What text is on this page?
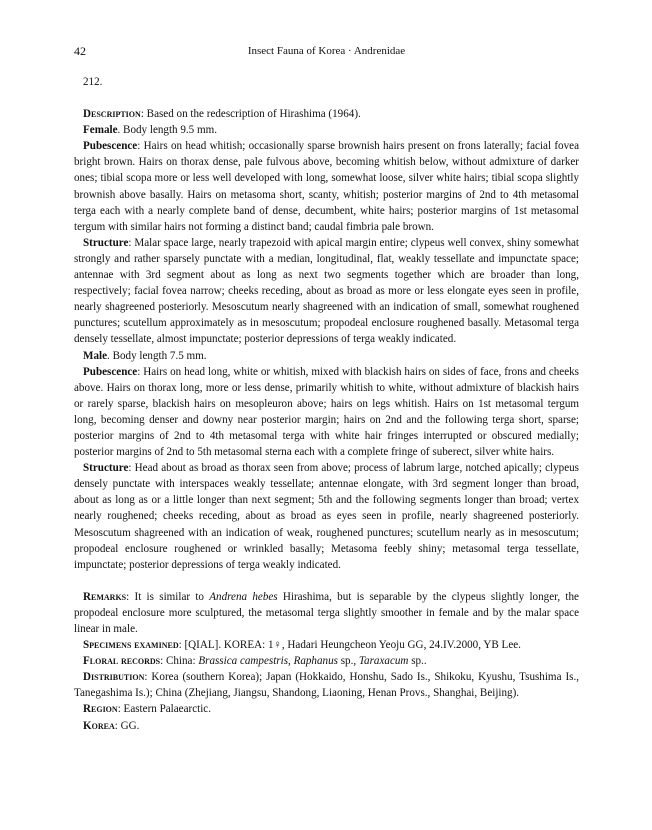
42	Insect Fauna of Korea · Andrenidae

212.

Description: Based on the redescription of Hirashima (1964).

Female. Body length 9.5 mm.

Pubescence: Hairs on head whitish; occasionally sparse brownish hairs present on frons laterally; facial fovea bright brown. Hairs on thorax dense, pale fulvous above, becoming whitish below, without admixture of darker ones; tibial scopa more or less well developed with long, somewhat loose, silver white hairs; tibial scopa slightly brownish above basally. Hairs on metasoma short, scanty, whitish; posterior margins of 2nd to 4th metasomal terga each with a nearly complete band of dense, decumbent, white hairs; posterior margins of 1st metasomal tergum with similar hairs not forming a distinct band; caudal fimbria pale brown.

Structure: Malar space large, nearly trapezoid with apical margin entire; clypeus well convex, shiny somewhat strongly and rather sparsely punctate with a median, longitudinal, flat, weakly tessellate and impunctate space; antennae with 3rd segment about as long as next two segments together which are broader than long, respectively; facial fovea narrow; cheeks receding, about as broad as more or less elongate eyes seen in profile, nearly shagreened posteriorly. Mesoscutum nearly shagreened with an indication of small, somewhat roughened punctures; scutellum approximately as in mesoscutum; propodeal enclosure roughened basally. Metasomal terga densely tessellate, almost impunctate; posterior depressions of terga weakly indicated.

Male. Body length 7.5 mm.

Pubescence: Hairs on head long, white or whitish, mixed with blackish hairs on sides of face, frons and cheeks above. Hairs on thorax long, more or less dense, primarily whitish to white, without admixture of blackish hairs or rarely sparse, blackish hairs on mesopleuron above; hairs on legs whitish. Hairs on 1st metasomal tergum long, becoming denser and downy near posterior margin; hairs on 2nd and the following terga short, sparse; posterior margins of 2nd to 4th metasomal terga with white hair fringes interrupted or obscured medially; posterior margins of 2nd to 5th metasomal sterna each with a complete fringe of suberect, silver white hairs.

Structure: Head about as broad as thorax seen from above; process of labrum large, notched apically; clypeus densely punctate with interspaces weakly tessellate; antennae elongate, with 3rd segment longer than broad, about as long as or a little longer than next segment; 5th and the following segments longer than broad; vertex nearly roughened; cheeks receding, about as broad as eyes seen in profile, nearly shagreened posteriorly. Mesoscutum shagreened with an indication of weak, roughened punctures; scutellum nearly as in mesoscutum; propodeal enclosure roughened or wrinkled basally; Metasoma feebly shiny; metasomal terga tessellate, impunctate; posterior depressions of terga weakly indicated.

Remarks: It is similar to Andrena hebes Hirashima, but is separable by the clypeus slightly longer, the propodeal enclosure more sculptured, the metasomal terga slightly smoother in female and by the malar space linear in male.

Specimens examined: [QIAL]. KOREA: 1♀, Hadari Heungcheon Yeoju GG, 24.IV.2000, YB Lee.

Floral records: China: Brassica campestris, Raphanus sp., Taraxacum sp..

Distribution: Korea (southern Korea); Japan (Hokkaido, Honshu, Sado Is., Shikoku, Kyushu, Tsushima Is., Tanegashima Is.); China (Zhejiang, Jiangsu, Shandong, Liaoning, Henan Provs., Shanghai, Beijing).

Region: Eastern Palaearctic.

Korea: GG.
